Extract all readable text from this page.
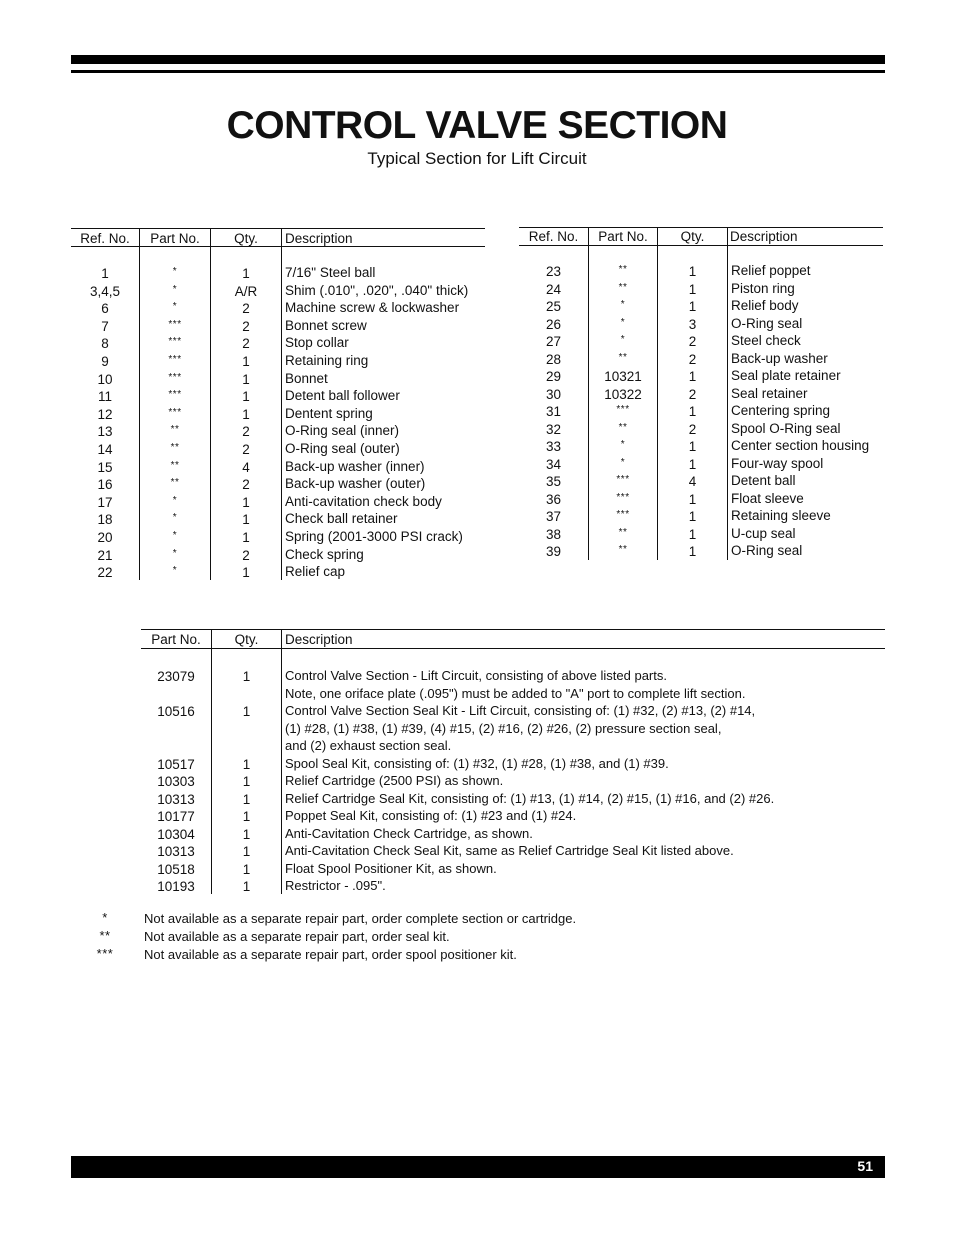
CONTROL VALVE SECTION
Typical Section for Lift Circuit
Ref. No.	Part No.	Qty.	Description
1	*	1	7/16" Steel ball
3,4,5	*	A/R	Shim (.010", .020", .040" thick)
6	*	2	Machine screw & lockwasher
7	***	2	Bonnet screw
8	***	2	Stop collar
9	***	1	Retaining ring
10	***	1	Bonnet
11	***	1	Detent ball follower
12	***	1	Dentent spring
13	**	2	O-Ring seal (inner)
14	**	2	O-Ring seal (outer)
15	**	4	Back-up washer (inner)
16	**	2	Back-up washer (outer)
17	*	1	Anti-cavitation check body
18	*	1	Check ball retainer
20	*	1	Spring (2001-3000 PSI crack)
21	*	2	Check spring
22	*	1	Relief cap
Ref. No.	Part No.	Qty.	Description
23	**	1	Relief poppet
24	**	1	Piston ring
25	*	1	Relief body
26	*	3	O-Ring seal
27	*	2	Steel check
28	**	2	Back-up washer
29	10321	1	Seal plate retainer
30	10322	2	Seal retainer
31	***	1	Centering spring
32	**	2	Spool O-Ring seal
33	*	1	Center section housing
34	*	1	Four-way spool
35	***	4	Detent ball
36	***	1	Float sleeve
37	***	1	Retaining sleeve
38	**	1	U-cup seal
39	**	1	O-Ring seal
Part No.	Qty.	Description
23079	1	Control Valve Section - Lift Circuit, consisting of above listed parts.
Note, one oriface plate (.095") must be added to "A" port to complete lift section.
10516	1	Control Valve Section Seal Kit - Lift Circuit, consisting of: (1) #32, (2) #13, (2) #14,
(1) #28, (1) #38, (1) #39, (4) #15, (2) #16, (2) #26, (2) pressure section seal,
and (2) exhaust section seal.
10517	1	Spool Seal Kit, consisting of: (1) #32, (1) #28, (1) #38, and (1) #39.
10303	1	Relief Cartridge (2500 PSI) as shown.
10313	1	Relief Cartridge Seal Kit, consisting of: (1) #13, (1) #14, (2) #15, (1) #16, and (2) #26.
10177	1	Poppet Seal Kit, consisting of: (1) #23 and (1) #24.
10304	1	Anti-Cavitation Check Cartridge, as shown.
10313	1	Anti-Cavitation Check Seal Kit, same as Relief Cartridge Seal Kit listed above.
10518	1	Float Spool Positioner Kit, as shown.
10193	1	Restrictor - .095".
*	Not available as a separate repair part, order complete section or cartridge.
**	Not available as a separate repair part, order seal kit.
***	Not available as a separate repair part, order spool positioner kit.
51
